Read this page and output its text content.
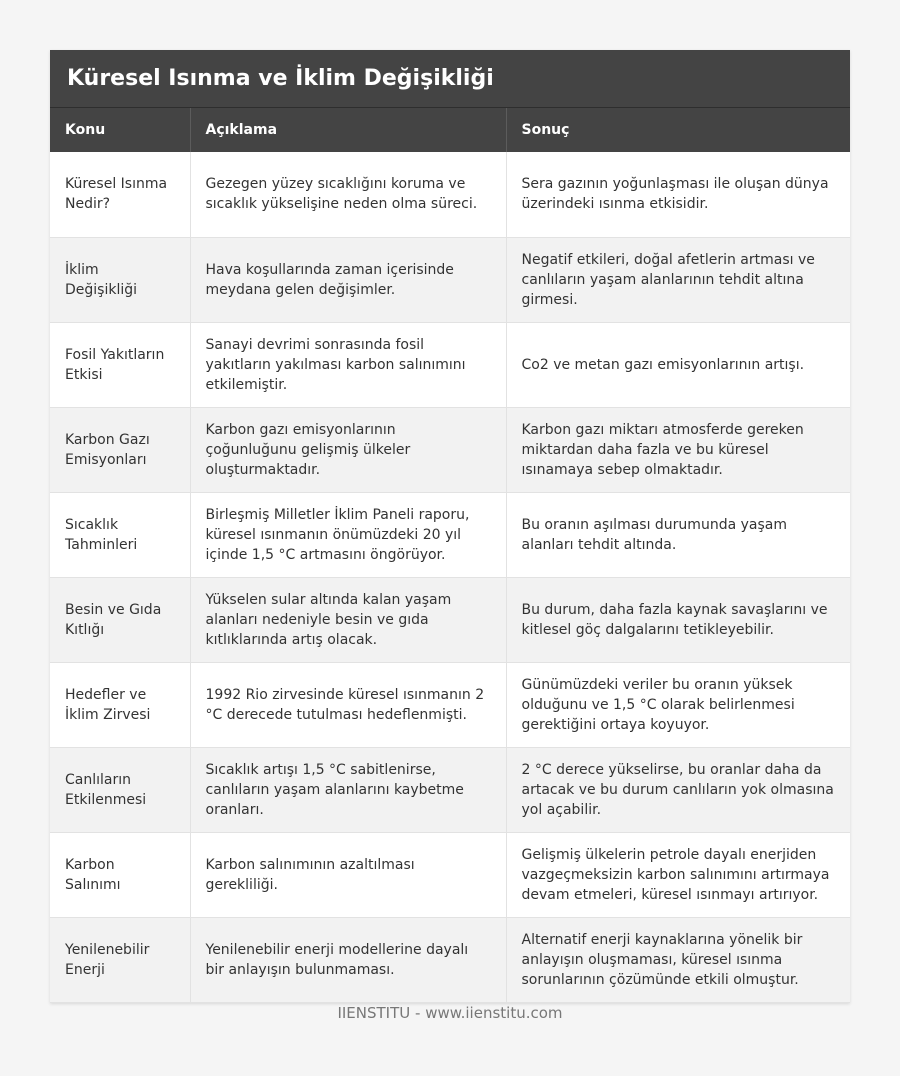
Küresel Isınma ve İklim Değişikliği
Konu	Açıklama	Sonuç
Küresel Isınma Nedir?	Gezegen yüzey sıcaklığını koruma ve sıcaklık yükselişine neden olma süreci.	Sera gazının yoğunlaşması ile oluşan dünya üzerindeki ısınma etkisidir.
İklim Değişikliği	Hava koşullarında zaman içerisinde meydana gelen değişimler.	Negatif etkileri, doğal afetlerin artması ve canlıların yaşam alanlarının tehdit altına girmesi.
Fosil Yakıtların Etkisi	Sanayi devrimi sonrasında fosil yakıtların yakılması karbon salınımını etkilemiştir.	Co2 ve metan gazı emisyonlarının artışı.
Karbon Gazı Emisyonları	Karbon gazı emisyonlarının çoğunluğunu gelişmiş ülkeler oluşturmaktadır.	Karbon gazı miktarı atmosferde gereken miktardan daha fazla ve bu küresel ısınamaya sebep olmaktadır.
Sıcaklık Tahminleri	Birleşmiş Milletler İklim Paneli raporu, küresel ısınmanın önümüzdeki 20 yıl içinde 1,5 °C artmasını öngörüyor.	Bu oranın aşılması durumunda yaşam alanları tehdit altında.
Besin ve Gıda Kıtlığı	Yükselen sular altında kalan yaşam alanları nedeniyle besin ve gıda kıtlıklarında artış olacak.	Bu durum, daha fazla kaynak savaşlarını ve kitlesel göç dalgalarını tetikleyebilir.
Hedefler ve İklim Zirvesi	1992 Rio zirvesinde küresel ısınmanın 2 °C derecede tutulması hedeflenmişti.	Günümüzdeki veriler bu oranın yüksek olduğunu ve 1,5 °C olarak belirlenmesi gerektiğini ortaya koyuyor.
Canlıların Etkilenmesi	Sıcaklık artışı 1,5 °C sabitlenirse, canlıların yaşam alanlarını kaybetme oranları.	2 °C derece yükselirse, bu oranlar daha da artacak ve bu durum canlıların yok olmasına yol açabilir.
Karbon Salınımı	Karbon salınımının azaltılması gerekliliği.	Gelişmiş ülkelerin petrole dayalı enerjiden vazgeçmeksizin karbon salınımını artırmaya devam etmeleri, küresel ısınmayı artırıyor.
Yenilenebilir Enerji	Yenilenebilir enerji modellerine dayalı bir anlayışın bulunmaması.	Alternatif enerji kaynaklarına yönelik bir anlayışın oluşmaması, küresel ısınma sorunlarının çözümünde etkili olmuştur.
IIENSTITU - www.iienstitu.com
